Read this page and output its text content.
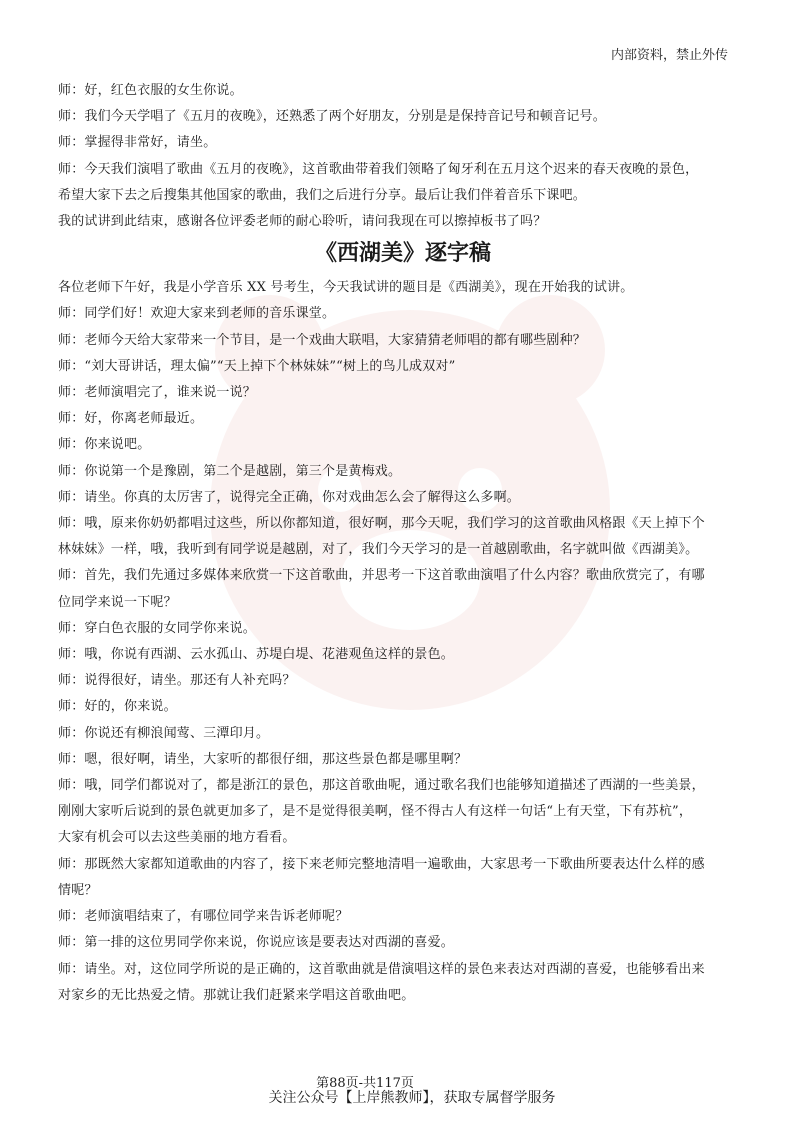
内部资料，禁止外传

师：好，红色衣服的女生你说。

师：我们今天学唱了《五月的夜晚》，还熟悉了两个好朋友，分别是是保持音记号和顿音记号。

师：掌握得非常好，请坐。

师：今天我们演唱了歌曲《五月的夜晚》，这首歌曲带着我们领略了匈牙利在五月这个迟来的春天夜晚的景色，

希望大家下去之后搜集其他国家的歌曲，我们之后进行分享。最后让我们伴着音乐下课吧。

我的试讲到此结束，感谢各位评委老师的耐心聆听，请问我现在可以擦掉板书了吗？

《西湖美》逐字稿

各位老师下午好，我是小学音乐 XX 号考生，今天我试讲的题目是《西湖美》，现在开始我的试讲。

师：同学们好！欢迎大家来到老师的音乐课堂。

师：老师今天给大家带来一个节目，是一个戏曲大联唱，大家猜猜老师唱的都有哪些剧种？

师：“刘大哥讲话，理太偏”“天上掉下个林妹妹”“树上的鸟儿成双对”

师：老师演唱完了，谁来说一说？

师：好，你离老师最近。

师：你来说吧。

师：你说第一个是豫剧，第二个是越剧，第三个是黄梅戏。

师：请坐。你真的太厉害了，说得完全正确，你对戏曲怎么会了解得这么多啊。

师：哦，原来你奶奶都唱过这些，所以你都知道，很好啊，那今天呢，我们学习的这首歌曲风格跟《天上掉下个

林妹妹》一样，哦，我听到有同学说是越剧，对了，我们今天学习的是一首越剧歌曲，名字就叫做《西湖美》。

师：首先，我们先通过多媒体来欣赏一下这首歌曲，并思考一下这首歌曲演唱了什么内容？歌曲欣赏完了，有哪

位同学来说一下呢？

师：穿白色衣服的女同学你来说。

师：哦，你说有西湖、云水孤山、苏堤白堤、花港观鱼这样的景色。

师：说得很好，请坐。那还有人补充吗？

师：好的，你来说。

师：你说还有柳浪闻莺、三潭印月。

师：嗯，很好啊，请坐，大家听的都很仔细，那这些景色都是哪里啊？

师：哦，同学们都说对了，都是浙江的景色，那这首歌曲呢，通过歌名我们也能够知道描述了西湖的一些美景，

刚刚大家听后说到的景色就更加多了，是不是觉得很美啊，怪不得古人有这样一句话“上有天堂，下有苏杭”，

大家有机会可以去这些美丽的地方看看。

师：那既然大家都知道歌曲的内容了，接下来老师完整地清唱一遍歌曲，大家思考一下歌曲所要表达什么样的感

情呢？

师：老师演唱结束了，有哪位同学来告诉老师呢？

师：第一排的这位男同学你来说，你说应该是要表达对西湖的喜爱。

师：请坐。对，这位同学所说的是正确的，这首歌曲就是借演唱这样的景色来表达对西湖的喜爱，也能够看出来

对家乡的无比热爱之情。那就让我们赶紧来学唱这首歌曲吧。

第88页-共117页
关注公众号【上岸熊教师】，获取专属督学服务
